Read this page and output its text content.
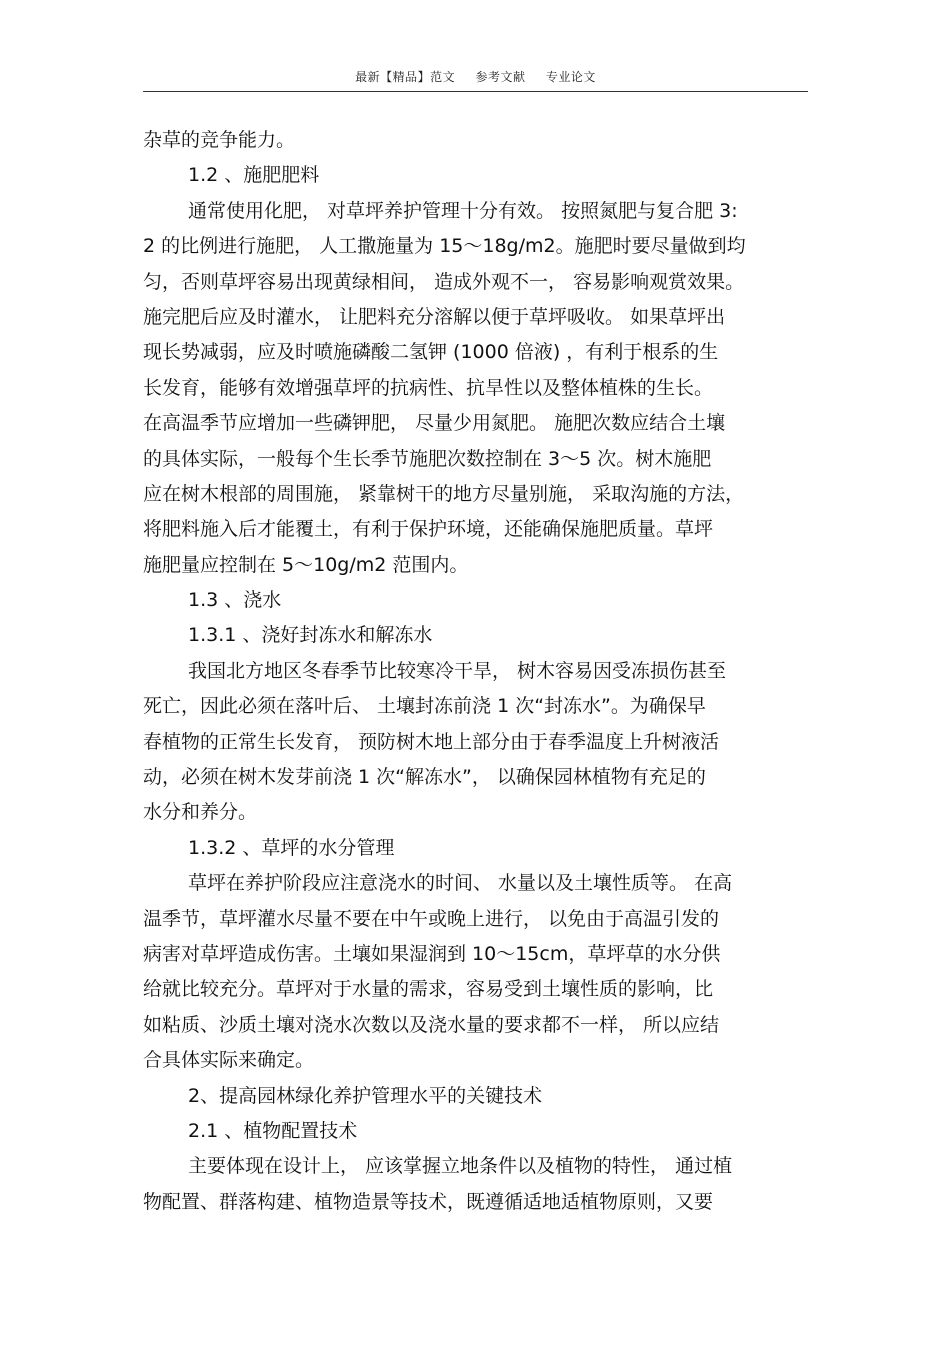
最新【精品】范文 参考文献 专业论文
杂草的竞争能力。
1.2 、施肥肥料
通常使用化肥， 对草坪养护管理十分有效。 按照氮肥与复合肥 3:
2 的比例进行施肥， 人工撒施量为 15～18g/m2。施肥时要尽量做到均
匀，否则草坪容易出现黄绿相间， 造成外观不一， 容易影响观赏效果。
施完肥后应及时灌水， 让肥料充分溶解以便于草坪吸收。 如果草坪出
现长势减弱，应及时喷施磷酸二氢钾 (1000 倍液) ，有利于根系的生
长发育，能够有效增强草坪的抗病性、抗旱性以及整体植株的生长。
在高温季节应增加一些磷钾肥， 尽量少用氮肥。 施肥次数应结合土壤
的具体实际，一般每个生长季节施肥次数控制在 3～5 次。树木施肥
应在树木根部的周围施， 紧靠树干的地方尽量别施， 采取沟施的方法，
将肥料施入后才能覆土，有利于保护环境，还能确保施肥质量。草坪
施肥量应控制在 5～10g/m2 范围内。
1.3 、浇水
1.3.1 、浇好封冻水和解冻水
我国北方地区冬春季节比较寒冷干旱， 树木容易因受冻损伤甚至
死亡，因此必须在落叶后、 土壤封冻前浇 1 次“封冻水”。为确保早
春植物的正常生长发育， 预防树木地上部分由于春季温度上升树液活
动，必须在树木发芽前浇 1 次“解冻水”， 以确保园林植物有充足的
水分和养分。
1.3.2 、草坪的水分管理
草坪在养护阶段应注意浇水的时间、 水量以及土壤性质等。 在高
温季节，草坪灌水尽量不要在中午或晚上进行， 以免由于高温引发的
病害对草坪造成伤害。土壤如果湿润到 10～15cm，草坪草的水分供
给就比较充分。草坪对于水量的需求，容易受到土壤性质的影响，比
如粘质、沙质土壤对浇水次数以及浇水量的要求都不一样， 所以应结
合具体实际来确定。
2、提高园林绿化养护管理水平的关键技术
2.1 、植物配置技术
主要体现在设计上， 应该掌握立地条件以及植物的特性， 通过植
物配置、群落构建、植物造景等技术，既遵循适地适植物原则，又要
